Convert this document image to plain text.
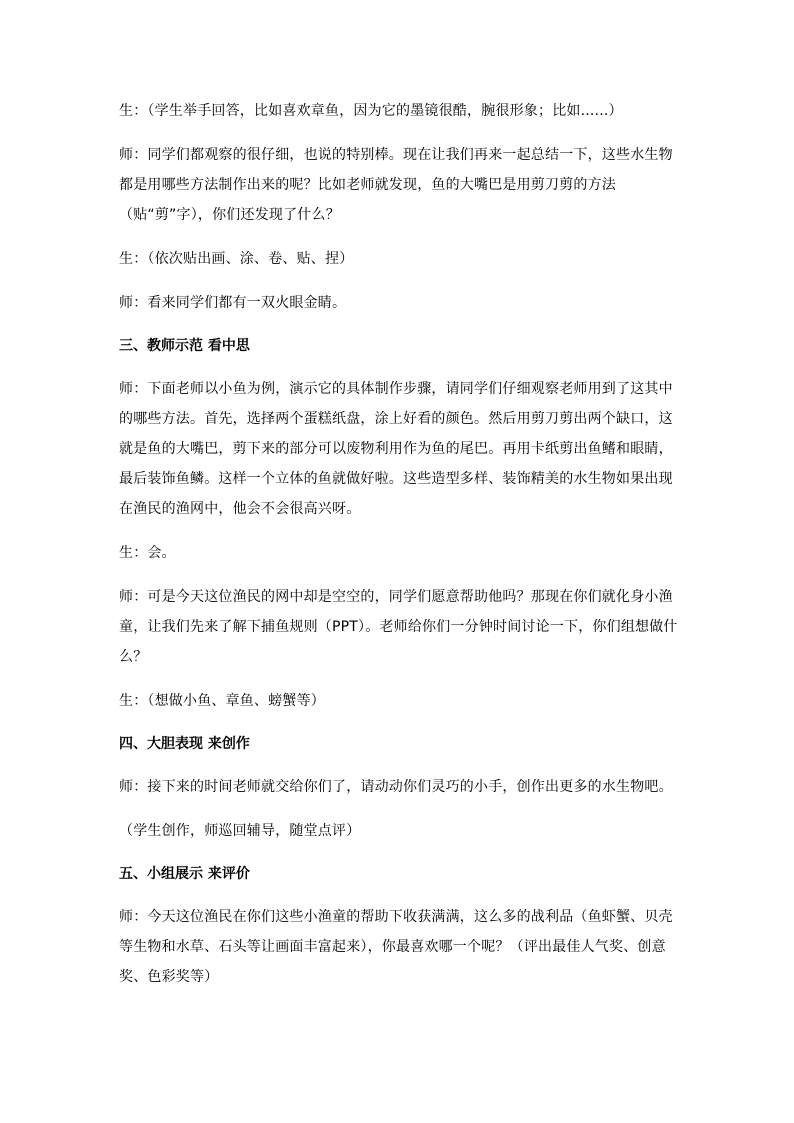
生：（学生举手回答，比如喜欢章鱼，因为它的墨镜很酷，腕很形象；比如......）

师：同学们都观察的很仔细，也说的特别棒。现在让我们再来一起总结一下，这些水生物都是用哪些方法制作出来的呢？比如老师就发现，鱼的大嘴巴是用剪刀剪的方法（贴“剪”字），你们还发现了什么？

生：（依次贴出画、涂、卷、贴、捏）

师：看来同学们都有一双火眼金睛。

三、教师示范 看中思

师：下面老师以小鱼为例，演示它的具体制作步骤，请同学们仔细观察老师用到了这其中的哪些方法。首先，选择两个蛋糕纸盘，涂上好看的颜色。然后用剪刀剪出两个缺口，这就是鱼的大嘴巴，剪下来的部分可以废物利用作为鱼的尾巴。再用卡纸剪出鱼鳍和眼睛，最后装饰鱼鳞。这样一个立体的鱼就做好啦。这些造型多样、装饰精美的水生物如果出现在渔民的渔网中，他会不会很高兴呀。

生：会。

师：可是今天这位渔民的网中却是空空的，同学们愿意帮助他吗？那现在你们就化身小渔童，让我们先来了解下捕鱼规则（PPT）。老师给你们一分钟时间讨论一下，你们组想做什么？

生：（想做小鱼、章鱼、螃蟹等）

四、大胆表现 来创作

师：接下来的时间老师就交给你们了，请动动你们灵巧的小手，创作出更多的水生物吧。

（学生创作，师巡回辅导，随堂点评）

五、小组展示 来评价

师：今天这位渔民在你们这些小渔童的帮助下收获满满，这么多的战利品（鱼虾蟹、贝壳等生物和水草、石头等让画面丰富起来），你最喜欢哪一个呢？（评出最佳人气奖、创意奖、色彩奖等）
